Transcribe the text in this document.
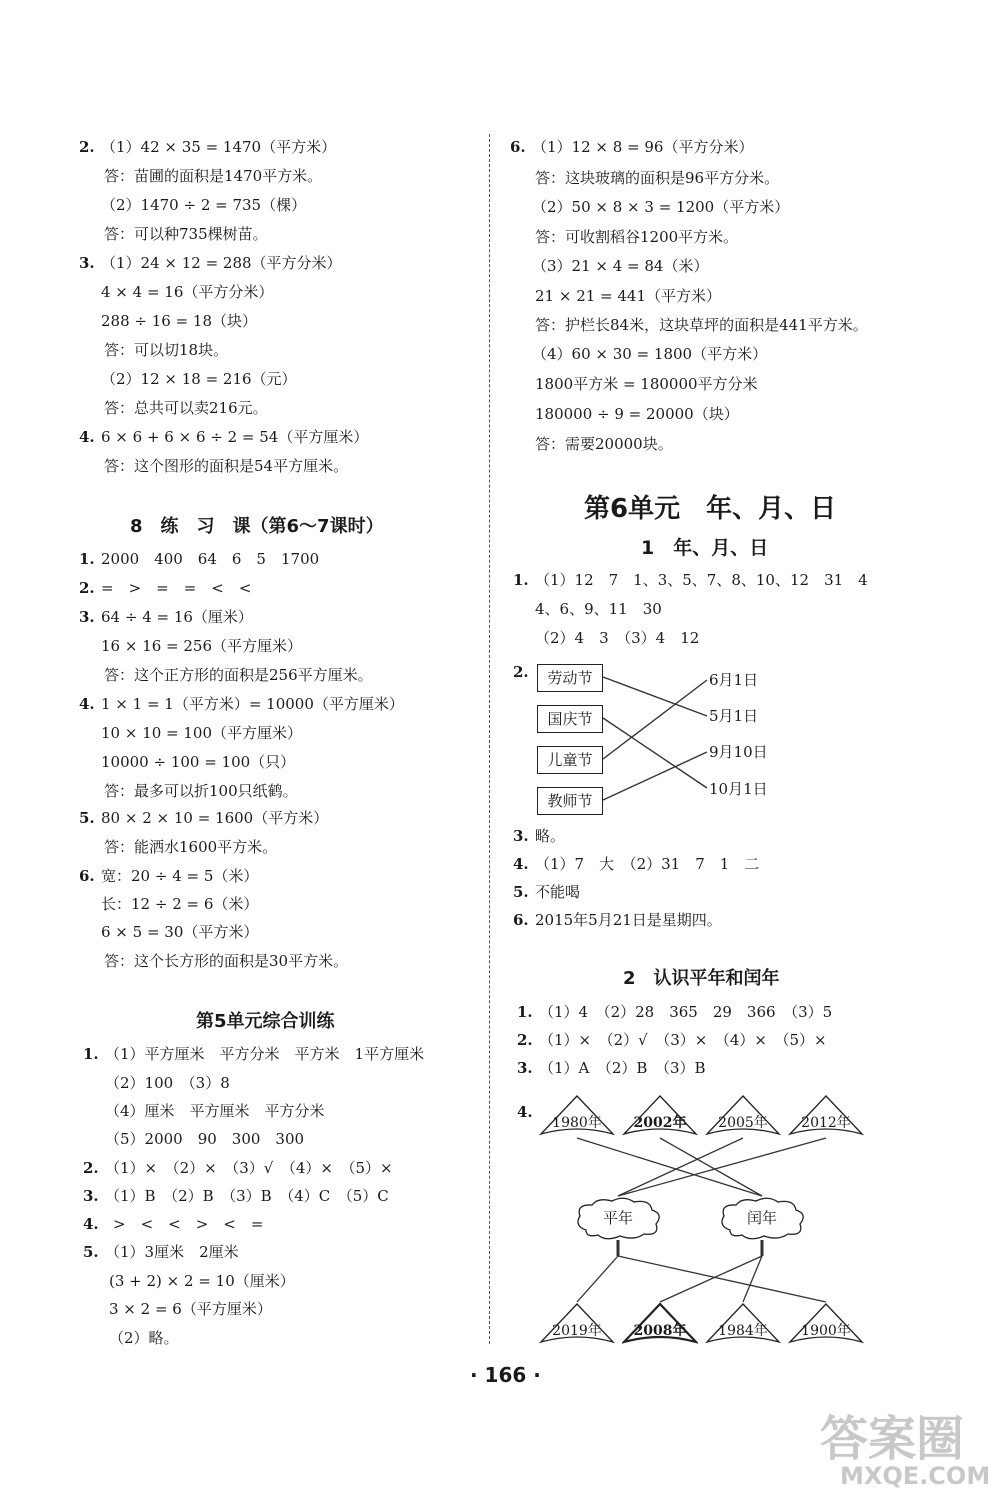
2. （1）42 × 35 = 1470（平方米）
答：苗圃的面积是1470平方米。
（2）1470 ÷ 2 = 735（棵）
答：可以种735棵树苗。
3. （1）24 × 12 = 288（平方分米）
4 × 4 = 16（平方分米）
288 ÷ 16 = 18（块）
答：可以切18块。
（2）12 × 18 = 216（元）
答：总共可以卖216元。
4. 6 × 6 + 6 × 6 ÷ 2 = 54（平方厘米）
答：这个图形的面积是54平方厘米。
8　练　习　课（第6～7课时）
1. 2000　400　64　6　5　1700
2. =　>　=　=　<　<
3. 64 ÷ 4 = 16（厘米）
16 × 16 = 256（平方厘米）
答：这个正方形的面积是256平方厘米。
4. 1 × 1 = 1（平方米）= 10000（平方厘米）
10 × 10 = 100（平方厘米）
10000 ÷ 100 = 100（只）
答：最多可以折100只纸鹤。
5. 80 × 2 × 10 = 1600（平方米）
答：能洒水1600平方米。
6. 宽：20 ÷ 4 = 5（米）
长：12 ÷ 2 = 6（米）
6 × 5 = 30（平方米）
答：这个长方形的面积是30平方米。
第5单元综合训练
1. （1）平方厘米　平方分米　平方米　1平方厘米
（2）100　（3）8
（4）厘米　平方厘米　平方分米
（5）2000　90　300　300
2. （1）×　（2）×　（3）√　（4）×　（5）×
3. （1）B　（2）B　（3）B　（4）C　（5）C
4. >　<　<　>　<　=
5. （1）3厘米　2厘米
(3 + 2) × 2 = 10（厘米）
3 × 2 = 6（平方厘米）
（2）略。
6. （1）12 × 8 = 96（平方分米）
答：这块玻璃的面积是96平方分米。
（2）50 × 8 × 3 = 1200（平方米）
答：可收割稻谷1200平方米。
（3）21 × 4 = 84（米）
21 × 21 = 441（平方米）
答：护栏长84米，这块草坪的面积是441平方米。
（4）60 × 30 = 1800（平方米）
1800平方米 = 180000平方分米
180000 ÷ 9 = 20000（块）
答：需要20000块。
第6单元　年、月、日
1　年、月、日
1. （1）12　7　1、3、5、7、8、10、12　31　4
4、6、9、11　30
（2）4　3　（3）4　12
2.	劳动节
国庆节
儿童节
教师节
6月1日
5月1日
9月10日
10月1日
3. 略。
4. （1）7　大　（2）31　7　1　二
5. 不能喝
6. 2015年5月21日是星期四。
2　认识平年和闰年
1. （1）4　（2）28　365　29　366　（3）5
2. （1）×　（2）√　（3）×　（4）×　（5）×
3. （1）A　（2）B　（3）B
4.
1980年	2002年	2005年	2012年
平年	闰年
2019年	2008年	1984年	1900年
· 166 ·
答案圈
MXQE.COM
